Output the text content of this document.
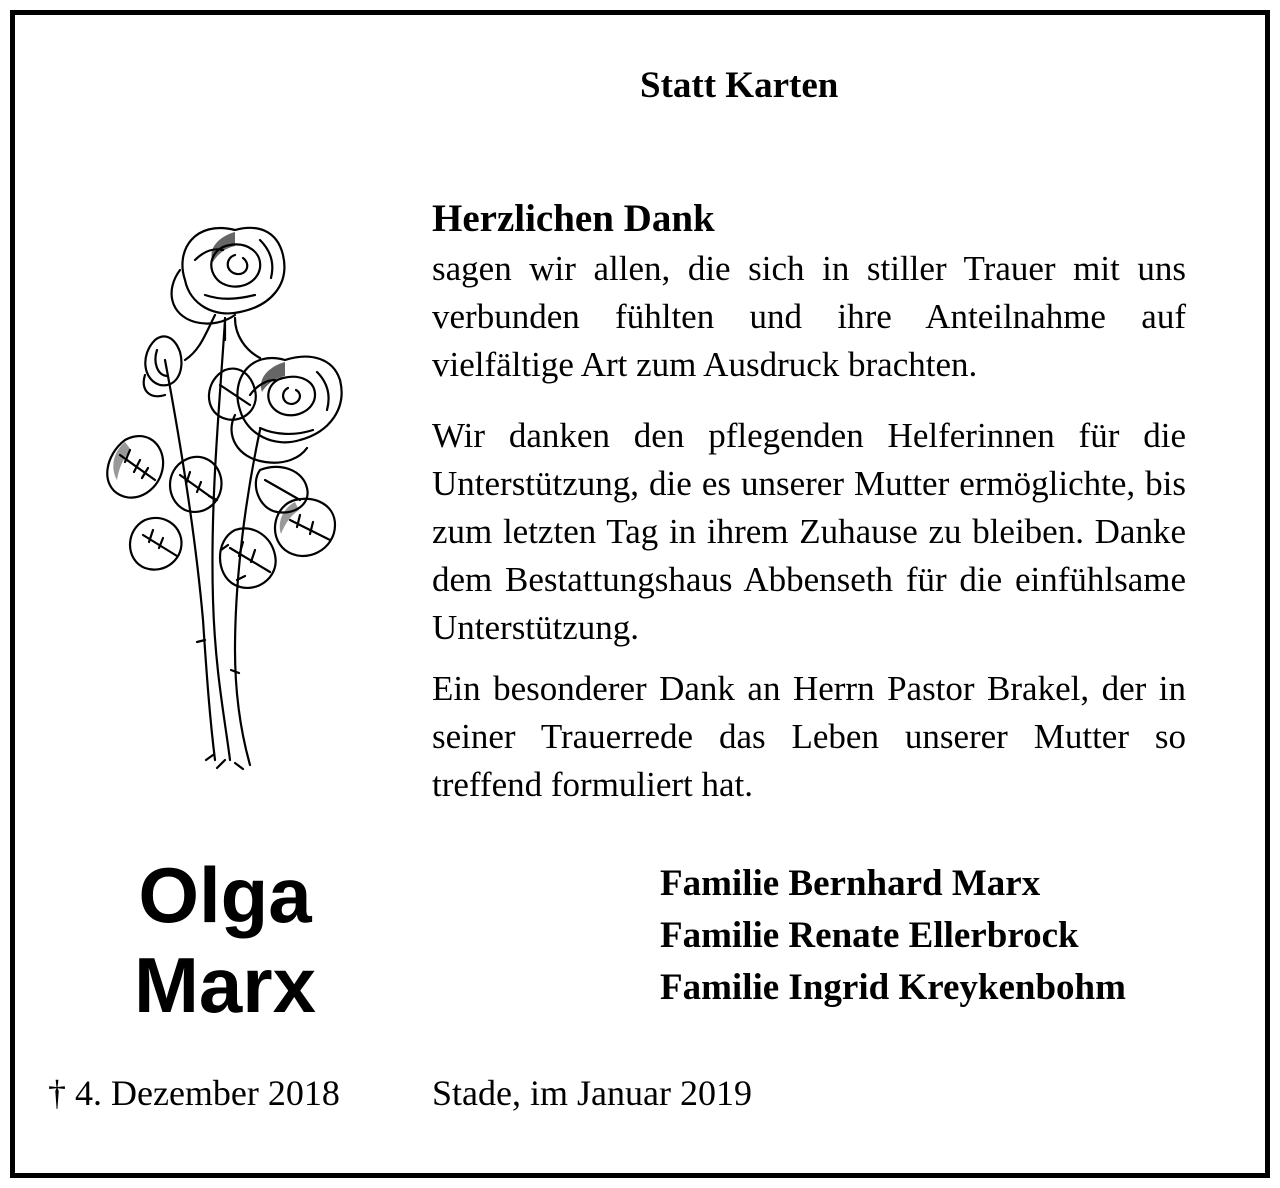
Statt Karten
Herzlichen Dank
sagen wir allen, die sich in stiller Trauer mit uns verbunden fühlten und ihre Anteilnahme auf vielfältige Art zum Ausdruck brachten.
Wir danken den pflegenden Helferinnen für die Unterstützung, die es unserer Mutter ermöglichte, bis zum letzten Tag in ihrem Zuhause zu bleiben. Danke dem Bestattungshaus Abbenseth für die einfühlsame Unterstützung.
Ein besonderer Dank an Herrn Pastor Brakel, der in seiner Trauerrede das Leben unserer Mutter so treffend formuliert hat.
Olga
Marx
Familie Bernhard Marx
Familie Renate Ellerbrock
Familie Ingrid Kreykenbohm
† 4. Dezember 2018	Stade, im Januar 2019
